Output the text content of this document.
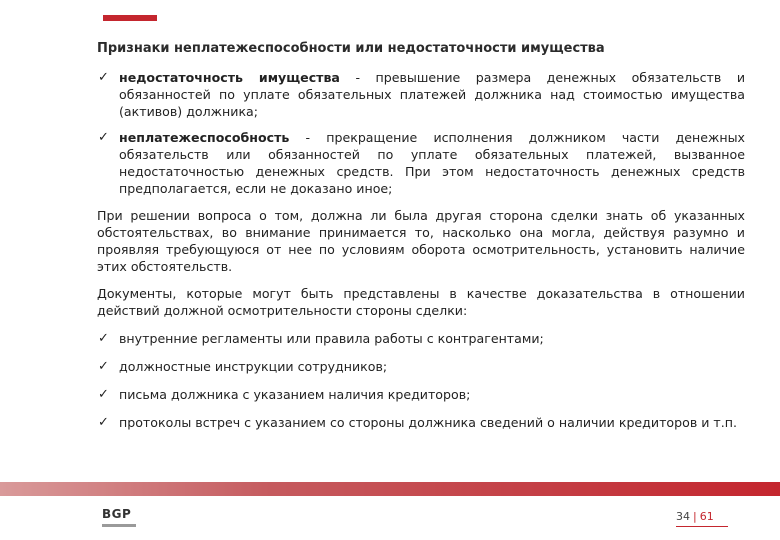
Признаки неплатежеспособности или недостаточности имущества
✓ недостаточность имущества - превышение размера денежных обязательств и обязанностей по уплате обязательных платежей должника над стоимостью имущества (активов) должника;
✓ неплатежеспособность - прекращение исполнения должником части денежных обязательств или обязанностей по уплате обязательных платежей, вызванное недостаточностью денежных средств. При этом недостаточность денежных средств предполагается, если не доказано иное;
При решении вопроса о том, должна ли была другая сторона сделки знать об указанных обстоятельствах, во внимание принимается то, насколько она могла, действуя разумно и проявляя требующуюся от нее по условиям оборота осмотрительность, установить наличие этих обстоятельств.
Документы, которые могут быть представлены в качестве доказательства в отношении действий должной осмотрительности стороны сделки:
✓ внутренние регламенты или правила работы с контрагентами;
✓ должностные инструкции сотрудников;
✓ письма должника с указанием наличия кредиторов;
✓ протоколы встреч с указанием со стороны должника сведений о наличии кредиторов и т.п.
BGP	34 | 61
